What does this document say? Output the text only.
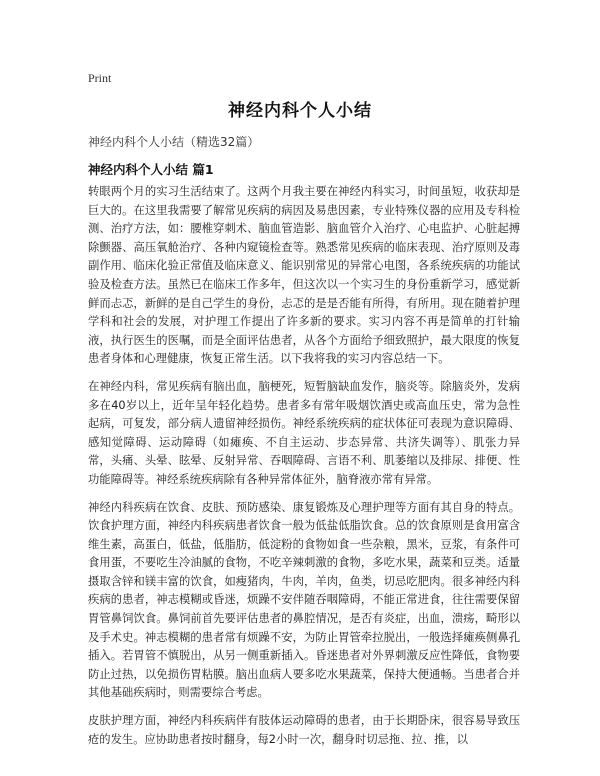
Print
神经内科个人小结
神经内科个人小结（精选32篇）
神经内科个人小结 篇1

转眼两个月的实习生活结束了。这两个月我主要在神经内科实习，时间虽短，收获却是巨大的。在这里我需要了解常见疾病的病因及易患因素，专业特殊仪器的应用及专科检测、治疗方法，如：腰椎穿刺术、脑血管造影、脑血管介入治疗、心电监护、心脏起搏除颤器、高压氧舱治疗、各种内窥镜检查等。熟悉常见疾病的临床表现、治疗原则及毒副作用、临床化验正常值及临床意义、能识别常见的异常心电图，各系统疾病的功能试验及检查方法。虽然已在临床工作多年，但这次以一个实习生的身份重新学习，感觉新鲜而忐忑，新鲜的是自己学生的身份，忐忑的是是否能有所得，有所用。现在随着护理学科和社会的发展，对护理工作提出了许多新的要求。实习内容不再是简单的打针输液，执行医生的医嘱，而是全面评估患者，从各个方面给予细致照护，最大限度的恢复患者身体和心理健康，恢复正常生活。以下我将我的实习内容总结一下。

在神经内科，常见疾病有脑出血，脑梗死，短暂脑缺血发作，脑炎等。除脑炎外，发病多在40岁以上，近年呈年轻化趋势。患者多有常年吸烟饮酒史或高血压史，常为急性起病，可复发，部分病人遗留神经损伤。神经系统疾病的症状体征可表现为意识障碍、感知觉障碍、运动障碍（如瘫痪、不自主运动、步态异常、共济失调等）、肌张力异常，头痛、头晕、眩晕、反射异常、吞咽障碍、言语不利、肌萎缩以及排尿、排便、性功能障碍等。神经系统疾病除有各种异常体征外，脑脊液亦常有异常。

神经内科疾病在饮食、皮肤、预防感染、康复锻炼及心理护理等方面有其自身的特点。饮食护理方面，神经内科疾病患者饮食一般为低盐低脂饮食。总的饮食原则是食用富含维生素，高蛋白，低盐，低脂肪，低淀粉的食物如食一些杂粮，黑米，豆浆，有条件可食用蛋，不要吃生冷油腻的食物，不吃辛辣刺激的食物，多吃水果，蔬菜和豆类。适量摄取含锌和镁丰富的饮食，如瘦猪肉，牛肉，羊肉，鱼类，切忌吃肥肉。很多神经内科疾病的患者，神志模糊或昏迷，烦躁不安伴随吞咽障碍，不能正常进食，往往需要保留胃管鼻饲饮食。鼻饲前首先要评估患者的鼻腔情况，是否有炎症，出血，溃疡，畸形以及手术史。神志模糊的患者常有烦躁不安，为防止胃管牵拉脱出，一般选择瘫痪侧鼻孔插入。若胃管不慎脱出，从另一侧重新插入。昏迷患者对外界刺激反应性降低，食物要防止过热，以免损伤胃粘膜。脑出血病人要多吃水果蔬菜，保持大便通畅。当患者合并其他基础疾病时，则需要综合考虑。

皮肤护理方面，神经内科疾病伴有肢体运动障碍的患者，由于长期卧床，很容易导致压疮的发生。应协助患者按时翻身，每2小时一次，翻身时切忌拖、拉、推，以
